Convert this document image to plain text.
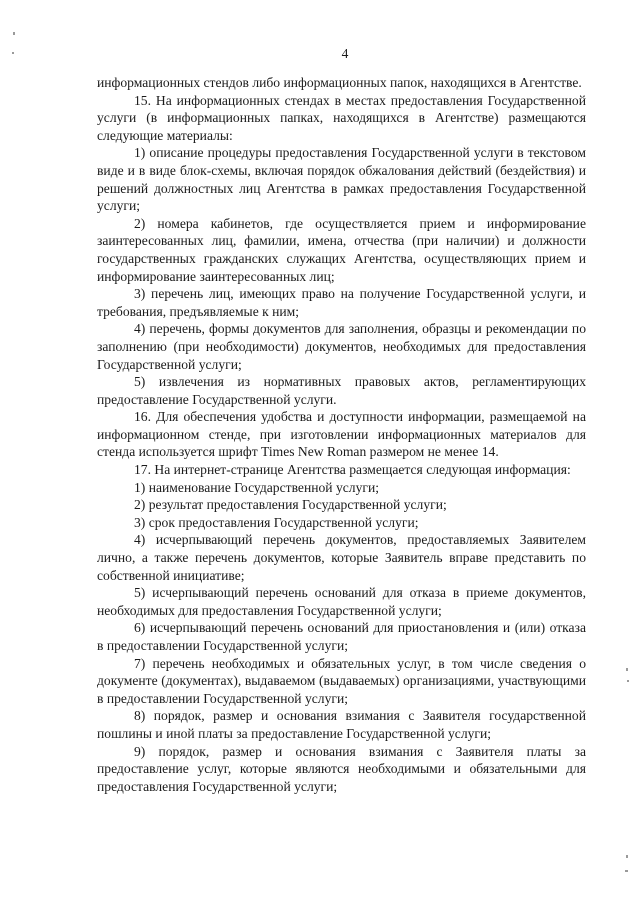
4

информационных стендов либо информационных папок, находящихся в Агентстве.

15. На информационных стендах в местах предоставления Государственной услуги (в информационных папках, находящихся в Агентстве) размещаются следующие материалы:

1) описание процедуры предоставления Государственной услуги в текстовом виде и в виде блок-схемы, включая порядок обжалования действий (бездействия) и решений должностных лиц Агентства в рамках предоставления Государственной услуги;

2) номера кабинетов, где осуществляется прием и информирование заинтересованных лиц, фамилии, имена, отчества (при наличии) и должности государственных гражданских служащих Агентства, осуществляющих прием и информирование заинтересованных лиц;

3) перечень лиц, имеющих право на получение Государственной услуги, и требования, предъявляемые к ним;

4) перечень, формы документов для заполнения, образцы и рекомендации по заполнению (при необходимости) документов, необходимых для предоставления Государственной услуги;

5) извлечения из нормативных правовых актов, регламентирующих предоставление Государственной услуги.

16. Для обеспечения удобства и доступности информации, размещаемой на информационном стенде, при изготовлении информационных материалов для стенда используется шрифт Times New Roman размером не менее 14.

17. На интернет-странице Агентства размещается следующая информация:

1) наименование Государственной услуги;

2) результат предоставления Государственной услуги;

3) срок предоставления Государственной услуги;

4) исчерпывающий перечень документов, предоставляемых Заявителем лично, а также перечень документов, которые Заявитель вправе представить по собственной инициативе;

5) исчерпывающий перечень оснований для отказа в приеме документов, необходимых для предоставления Государственной услуги;

6) исчерпывающий перечень оснований для приостановления и (или) отказа в предоставлении Государственной услуги;

7) перечень необходимых и обязательных услуг, в том числе сведения о документе (документах), выдаваемом (выдаваемых) организациями, участвующими в предоставлении Государственной услуги;

8) порядок, размер и основания взимания с Заявителя государственной пошлины и иной платы за предоставление Государственной услуги;

9) порядок, размер и основания взимания с Заявителя платы за предоставление услуг, которые являются необходимыми и обязательными для предоставления Государственной услуги;
